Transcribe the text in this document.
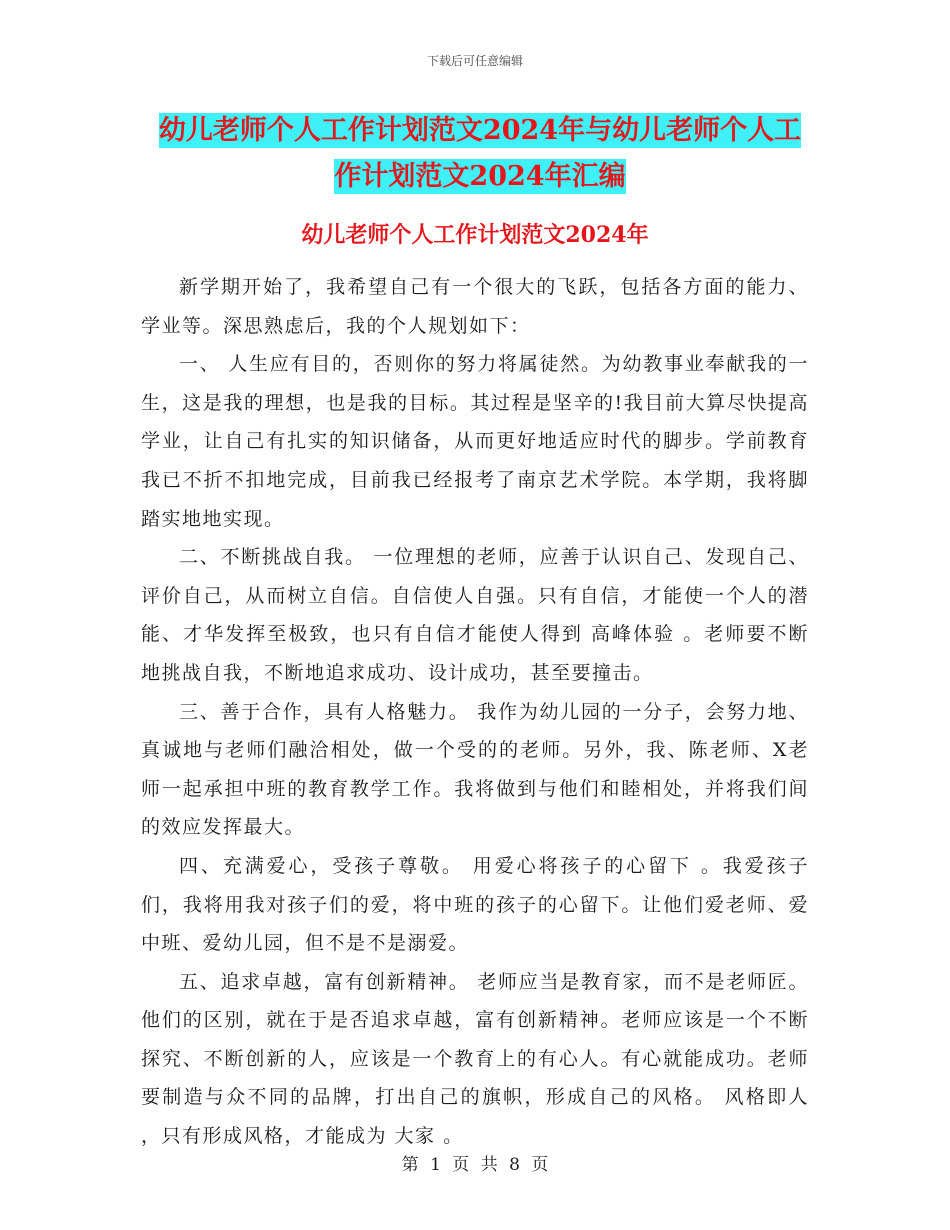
下载后可任意编辑
幼儿老师个人工作计划范文2024年与幼儿老师个人工作计划范文2024年汇编
幼儿老师个人工作计划范文2024年

新学期开始了，我希望自己有一个很大的飞跃，包括各方面的能力、学业等。深思熟虑后，我的个人规划如下：

一、 人生应有目的，否则你的努力将属徒然。为幼教事业奉献我的一生，这是我的理想，也是我的目标。其过程是坚辛的!我目前大算尽快提高学业，让自己有扎实的知识储备，从而更好地适应时代的脚步。学前教育我已不折不扣地完成，目前我已经报考了南京艺术学院。本学期，我将脚踏实地地实现。

二、不断挑战自我。 一位理想的老师，应善于认识自己、发现自己、评价自己，从而树立自信。自信使人自强。只有自信，才能使一个人的潜能、才华发挥至极致，也只有自信才能使人得到 高峰体验 。老师要不断地挑战自我，不断地追求成功、设计成功，甚至要撞击。

三、善于合作，具有人格魅力。 我作为幼儿园的一分子，会努力地、真诚地与老师们融洽相处，做一个受的的老师。另外，我、陈老师、X老师一起承担中班的教育教学工作。我将做到与他们和睦相处，并将我们间的效应发挥最大。

四、充满爱心，受孩子尊敬。 用爱心将孩子的心留下 。我爱孩子们，我将用我对孩子们的爱，将中班的孩子的心留下。让他们爱老师、爱中班、爱幼儿园，但不是不是溺爱。

五、追求卓越，富有创新精神。 老师应当是教育家，而不是老师匠。他们的区别，就在于是否追求卓越，富有创新精神。老师应该是一个不断探究、不断创新的人，应该是一个教育上的有心人。有心就能成功。老师要制造与众不同的品牌，打出自己的旗帜，形成自己的风格。 风格即人 ，只有形成风格，才能成为 大家 。

第 1 页 共 8 页
